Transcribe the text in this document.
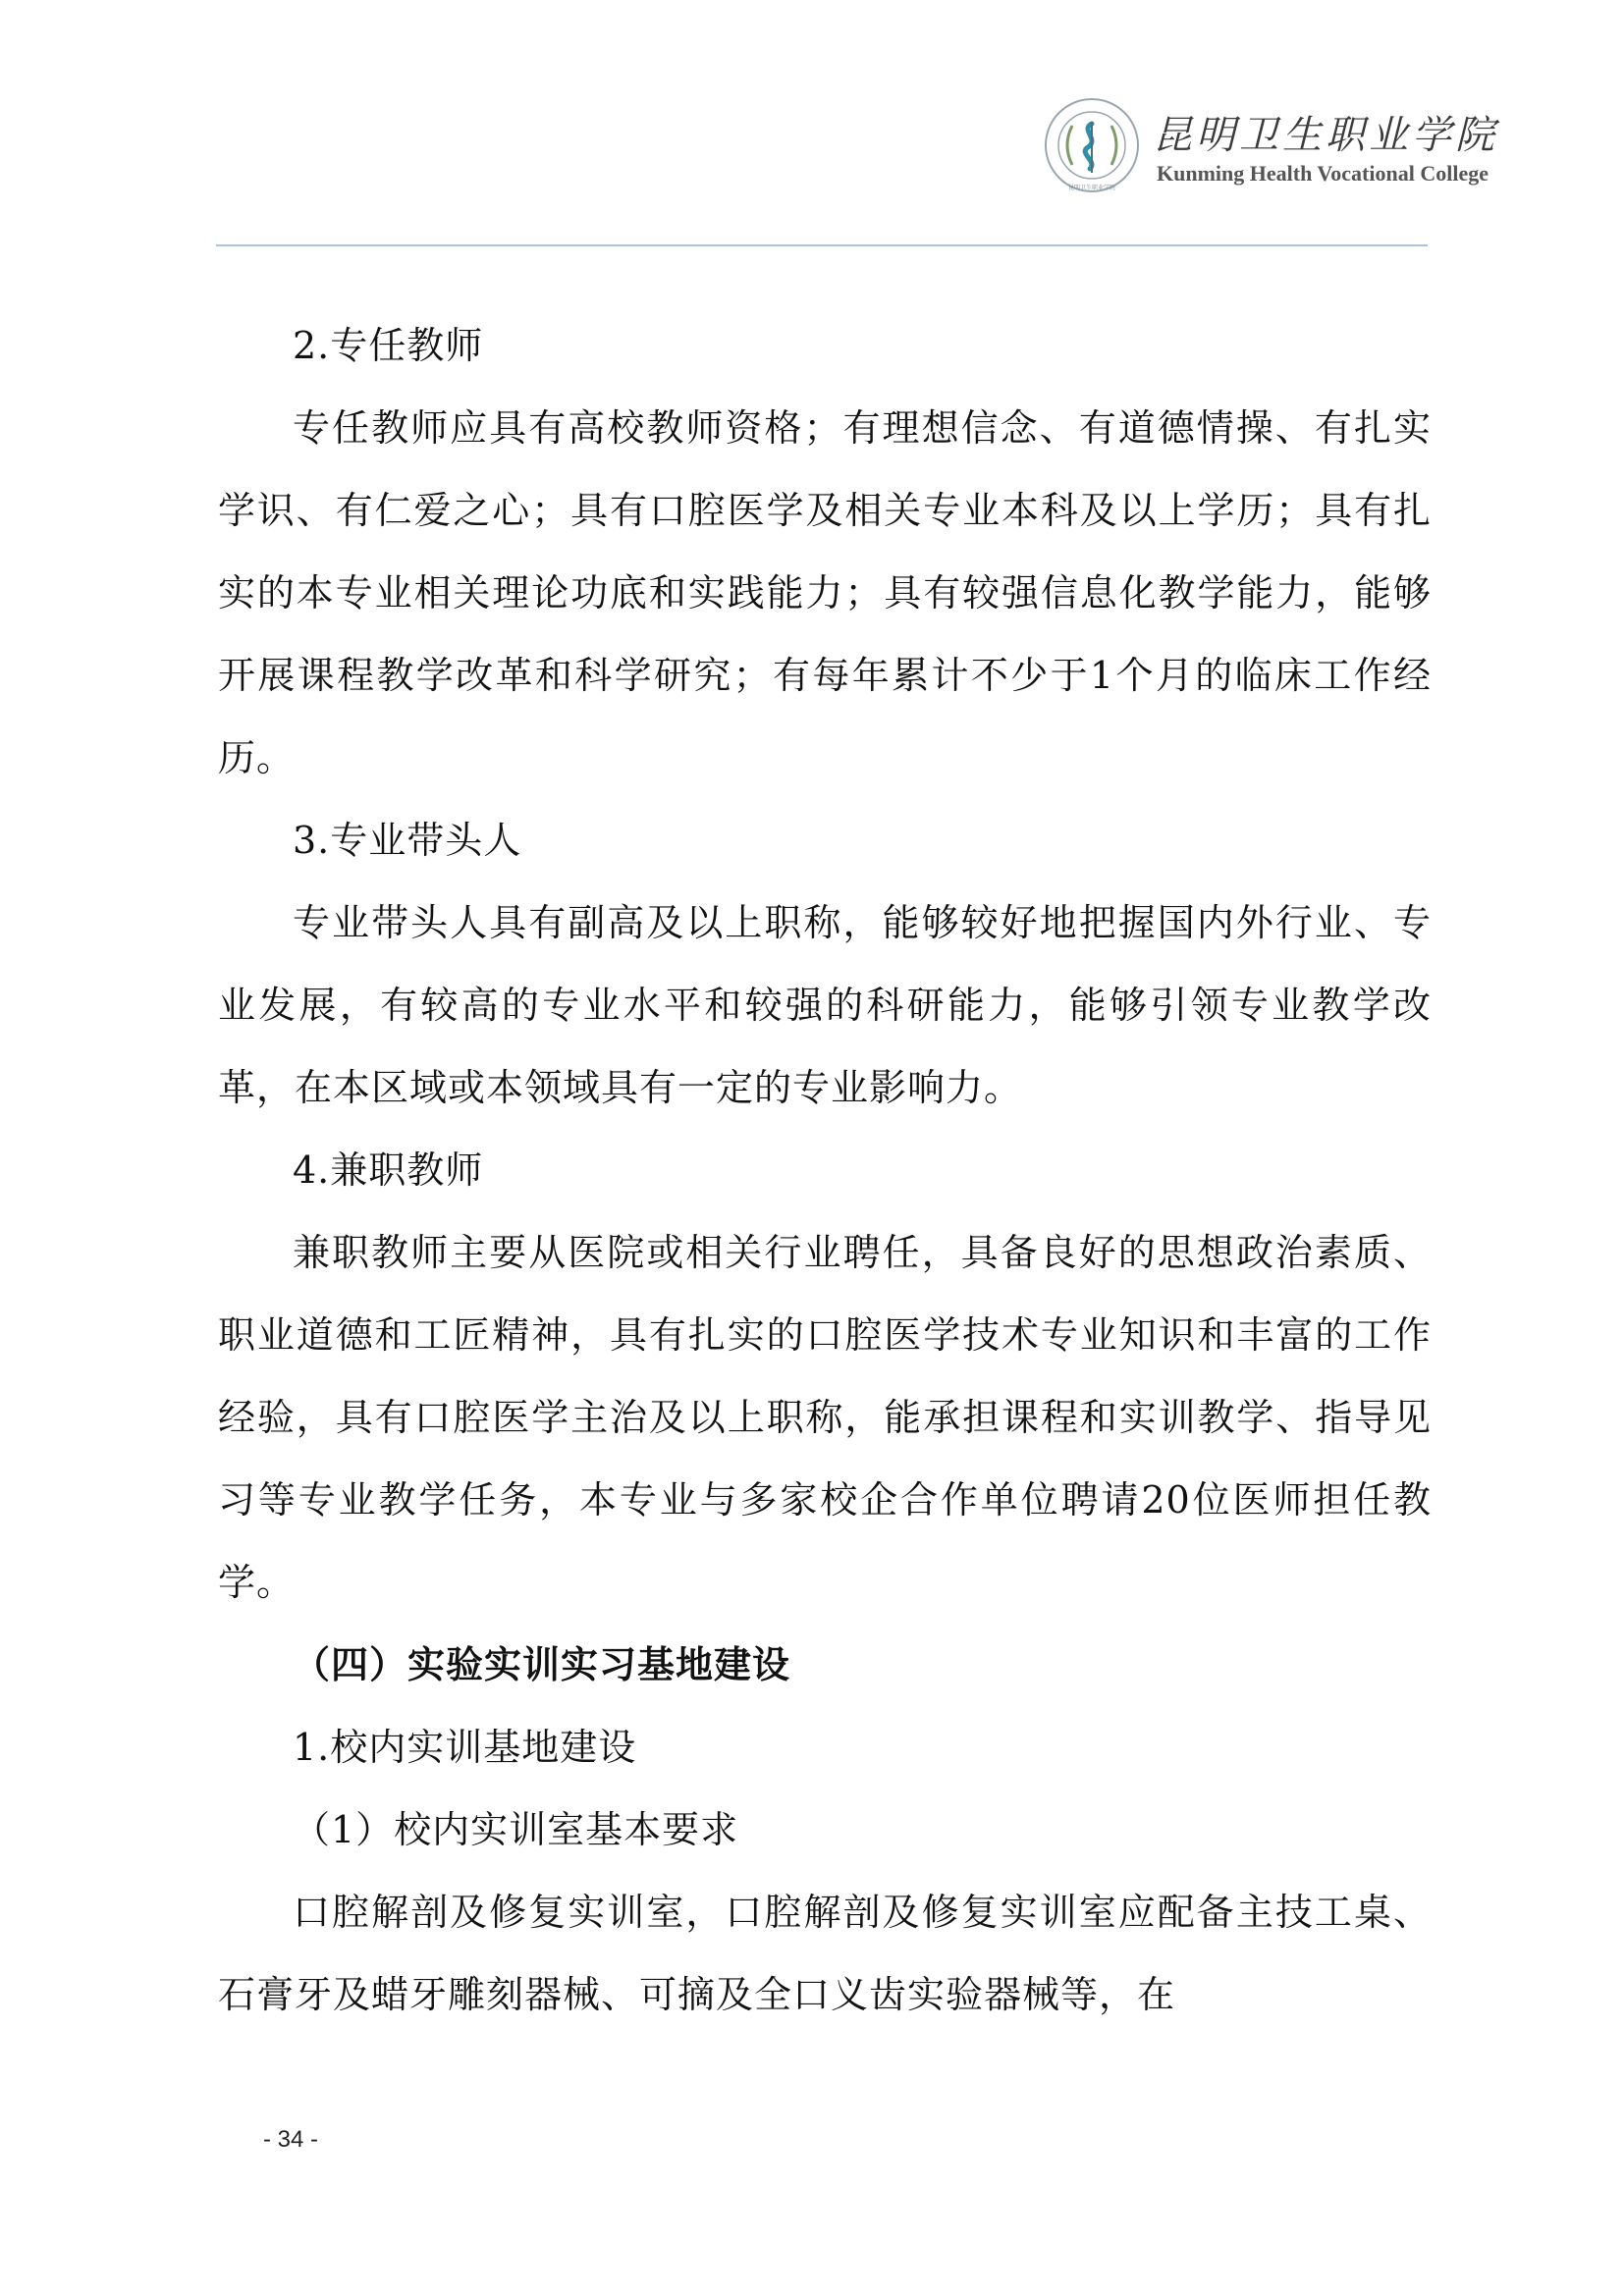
昆明卫生职业学院
昆明卫生职业学院
Kunming Health Vocational College

2.专任教师

专任教师应具有高校教师资格；有理想信念、有道德情操、有扎实学识、有仁爱之心；具有口腔医学及相关专业本科及以上学历；具有扎实的本专业相关理论功底和实践能力；具有较强信息化教学能力，能够开展课程教学改革和科学研究；有每年累计不少于1个月的临床工作经历。

3.专业带头人

专业带头人具有副高及以上职称，能够较好地把握国内外行业、专业发展，有较高的专业水平和较强的科研能力，能够引领专业教学改革，在本区域或本领域具有一定的专业影响力。

4.兼职教师

兼职教师主要从医院或相关行业聘任，具备良好的思想政治素质、职业道德和工匠精神，具有扎实的口腔医学技术专业知识和丰富的工作经验，具有口腔医学主治及以上职称，能承担课程和实训教学、指导见习等专业教学任务，本专业与多家校企合作单位聘请20位医师担任教学。

（四）实验实训实习基地建设

1.校内实训基地建设

（1）校内实训室基本要求

口腔解剖及修复实训室，口腔解剖及修复实训室应配备主技工桌、石膏牙及蜡牙雕刻器械、可摘及全口义齿实验器械等，在

- 34 -
